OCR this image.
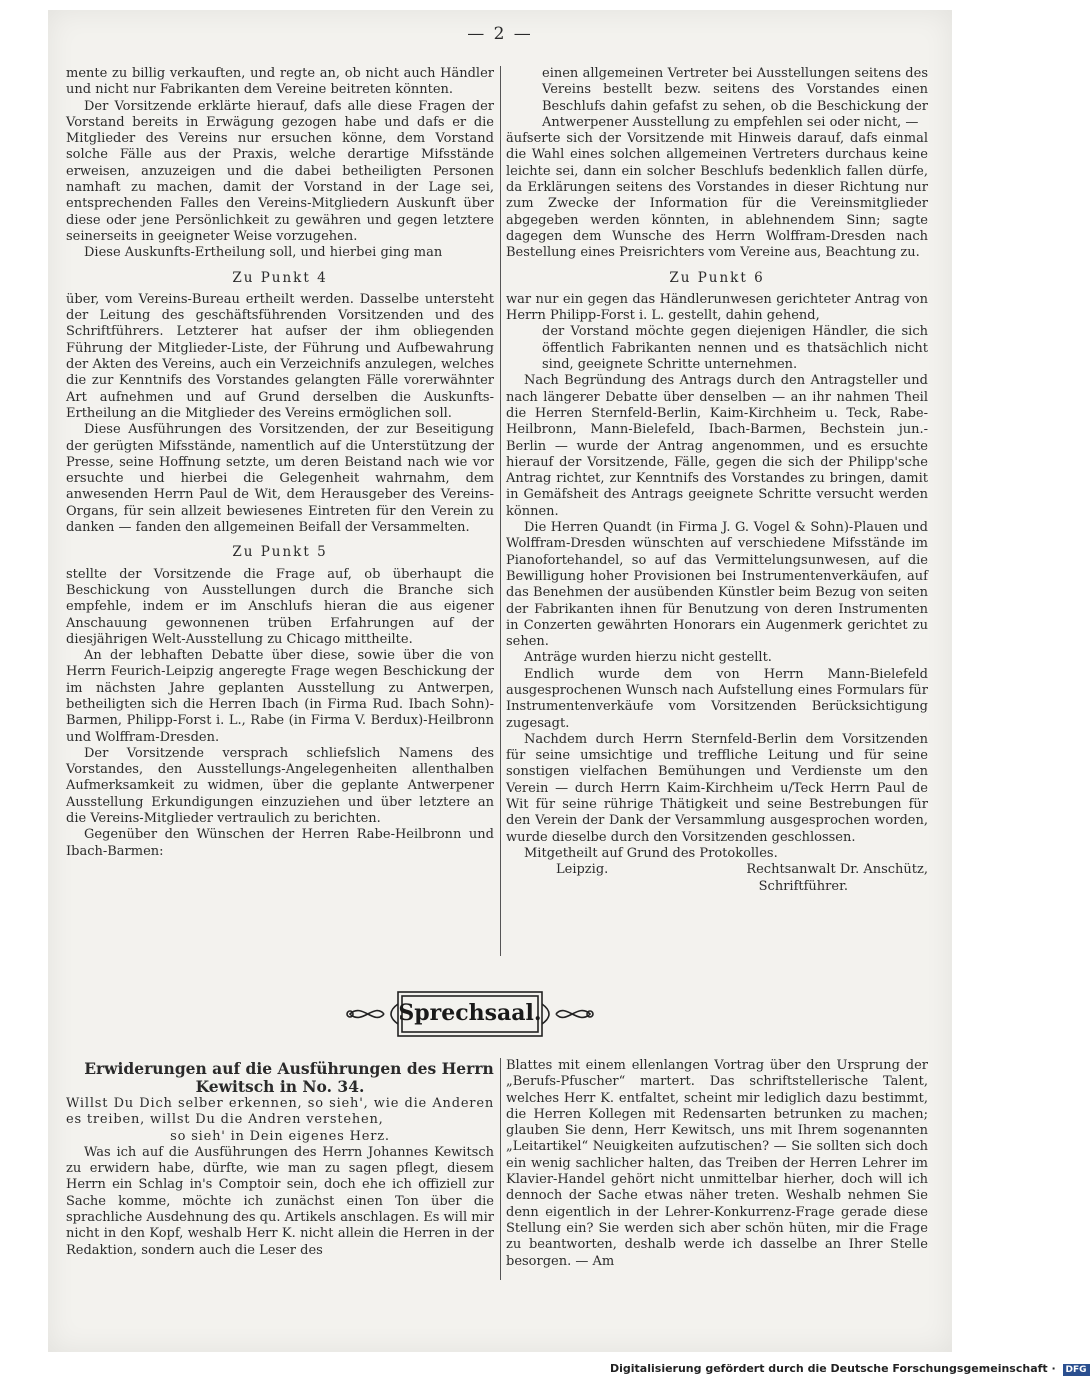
— 2 —

mente zu billig verkauften, und regte an, ob nicht auch Händler und nicht nur Fabrikanten dem Vereine beitreten könnten.

Der Vorsitzende erklärte hierauf, dafs alle diese Fragen der Vorstand bereits in Erwägung gezogen habe und dafs er die Mitglieder des Vereins nur ersuchen könne, dem Vorstand solche Fälle aus der Praxis, welche derartige Mifsstände erweisen, anzuzeigen und die dabei betheiligten Personen namhaft zu machen, damit der Vorstand in der Lage sei, entsprechenden Falles den Vereins-Mitgliedern Auskunft über diese oder jene Persönlichkeit zu gewähren und gegen letztere seinerseits in geeigneter Weise vorzugehen.

Diese Auskunfts-Ertheilung soll, und hierbei ging man

Zu Punkt 4

über, vom Vereins-Bureau ertheilt werden. Dasselbe untersteht der Leitung des geschäftsführenden Vorsitzenden und des Schriftführers. Letzterer hat aufser der ihm obliegenden Führung der Mitglieder-Liste, der Führung und Aufbewahrung der Akten des Vereins, auch ein Verzeichnifs anzulegen, welches die zur Kenntnifs des Vorstandes gelangten Fälle vorerwähnter Art aufnehmen und auf Grund derselben die Auskunfts-Ertheilung an die Mitglieder des Vereins ermöglichen soll.

Diese Ausführungen des Vorsitzenden, der zur Beseitigung der gerügten Mifsstände, namentlich auf die Unterstützung der Presse, seine Hoffnung setzte, um deren Beistand nach wie vor ersuchte und hierbei die Gelegenheit wahrnahm, dem anwesenden Herrn Paul de Wit, dem Herausgeber des Vereins-Organs, für sein allzeit bewiesenes Eintreten für den Verein zu danken — fanden den allgemeinen Beifall der Versammelten.

Zu Punkt 5

stellte der Vorsitzende die Frage auf, ob überhaupt die Beschickung von Ausstellungen durch die Branche sich empfehle, indem er im Anschlufs hieran die aus eigener Anschauung gewonnenen trüben Erfahrungen auf der diesjährigen Welt-Ausstellung zu Chicago mittheilte.

An der lebhaften Debatte über diese, sowie über die von Herrn Feurich-Leipzig angeregte Frage wegen Beschickung der im nächsten Jahre geplanten Ausstellung zu Antwerpen, betheiligten sich die Herren Ibach (in Firma Rud. Ibach Sohn)-Barmen, Philipp-Forst i. L., Rabe (in Firma V. Berdux)-Heilbronn und Wolffram-Dresden.

Der Vorsitzende versprach schliefslich Namens des Vorstandes, den Ausstellungs-Angelegenheiten allenthalben Aufmerksamkeit zu widmen, über die geplante Antwerpener Ausstellung Erkundigungen einzuziehen und über letztere an die Vereins-Mitglieder vertraulich zu berichten.

Gegenüber den Wünschen der Herren Rabe-Heilbronn und Ibach-Barmen:

einen allgemeinen Vertreter bei Ausstellungen seitens des Vereins bestellt bezw. seitens des Vorstandes einen Beschlufs dahin gefafst zu sehen, ob die Beschickung der Antwerpener Ausstellung zu empfehlen sei oder nicht, —

äufserte sich der Vorsitzende mit Hinweis darauf, dafs einmal die Wahl eines solchen allgemeinen Vertreters durchaus keine leichte sei, dann ein solcher Beschlufs bedenklich fallen dürfe, da Erklärungen seitens des Vorstandes in dieser Richtung nur zum Zwecke der Information für die Vereinsmitglieder abgegeben werden könnten, in ablehnendem Sinn; sagte dagegen dem Wunsche des Herrn Wolffram-Dresden nach Bestellung eines Preisrichters vom Vereine aus, Beachtung zu.

Zu Punkt 6

war nur ein gegen das Händlerunwesen gerichteter Antrag von Herrn Philipp-Forst i. L. gestellt, dahin gehend,

der Vorstand möchte gegen diejenigen Händler, die sich öffentlich Fabrikanten nennen und es thatsächlich nicht sind, geeignete Schritte unternehmen.

Nach Begründung des Antrags durch den Antragsteller und nach längerer Debatte über denselben — an ihr nahmen Theil die Herren Sternfeld-Berlin, Kaim-Kirchheim u. Teck, Rabe-Heilbronn, Mann-Bielefeld, Ibach-Barmen, Bechstein jun.-Berlin — wurde der Antrag angenommen, und es ersuchte hierauf der Vorsitzende, Fälle, gegen die sich der Philipp'sche Antrag richtet, zur Kenntnifs des Vorstandes zu bringen, damit in Gemäfsheit des Antrags geeignete Schritte versucht werden können.

Die Herren Quandt (in Firma J. G. Vogel & Sohn)-Plauen und Wolffram-Dresden wünschten auf verschiedene Mifsstände im Pianofortehandel, so auf das Vermittelungsunwesen, auf die Bewilligung hoher Provisionen bei Instrumentenverkäufen, auf das Benehmen der ausübenden Künstler beim Bezug von seiten der Fabrikanten ihnen für Benutzung von deren Instrumenten in Conzerten gewährten Honorars ein Augenmerk gerichtet zu sehen.

Anträge wurden hierzu nicht gestellt.

Endlich wurde dem von Herrn Mann-Bielefeld ausgesprochenen Wunsch nach Aufstellung eines Formulars für Instrumentenverkäufe vom Vorsitzenden Berücksichtigung zugesagt.

Nachdem durch Herrn Sternfeld-Berlin dem Vorsitzenden für seine umsichtige und treffliche Leitung und für seine sonstigen vielfachen Bemühungen und Verdienste um den Verein — durch Herrn Kaim-Kirchheim u/Teck Herrn Paul de Wit für seine rührige Thätigkeit und seine Bestrebungen für den Verein der Dank der Versammlung ausgesprochen worden, wurde dieselbe durch den Vorsitzenden geschlossen.

Mitgetheilt auf Grund des Protokolles.

Leipzig.	Rechtsanwalt Dr. Anschütz,

Schriftführer.

Sprechsaal.

Erwiderungen auf die Ausführungen des Herrn Kewitsch in No. 34.

Willst Du Dich selber erkennen, so sieh', wie die Anderen es treiben, willst Du die Andren verstehen,

so sieh' in Dein eigenes Herz.

Was ich auf die Ausführungen des Herrn Johannes Kewitsch zu erwidern habe, dürfte, wie man zu sagen pflegt, diesem Herrn ein Schlag in's Comptoir sein, doch ehe ich offiziell zur Sache komme, möchte ich zunächst einen Ton über die sprachliche Ausdehnung des qu. Artikels anschlagen. Es will mir nicht in den Kopf, weshalb Herr K. nicht allein die Herren in der Redaktion, sondern auch die Leser des

Blattes mit einem ellenlangen Vortrag über den Ursprung der „Berufs-Pfuscher“ martert. Das schriftstellerische Talent, welches Herr K. entfaltet, scheint mir lediglich dazu bestimmt, die Herren Kollegen mit Redensarten betrunken zu machen; glauben Sie denn, Herr Kewitsch, uns mit Ihrem sogenannten „Leitartikel“ Neuigkeiten aufzutischen? — Sie sollten sich doch ein wenig sachlicher halten, das Treiben der Herren Lehrer im Klavier-Handel gehört nicht unmittelbar hierher, doch will ich dennoch der Sache etwas näher treten. Weshalb nehmen Sie denn eigentlich in der Lehrer-Konkurrenz-Frage gerade diese Stellung ein? Sie werden sich aber schön hüten, mir die Frage zu beantworten, deshalb werde ich dasselbe an Ihrer Stelle besorgen. — Am

Digitalisierung gefördert durch die Deutsche Forschungsgemeinschaft · DFG
